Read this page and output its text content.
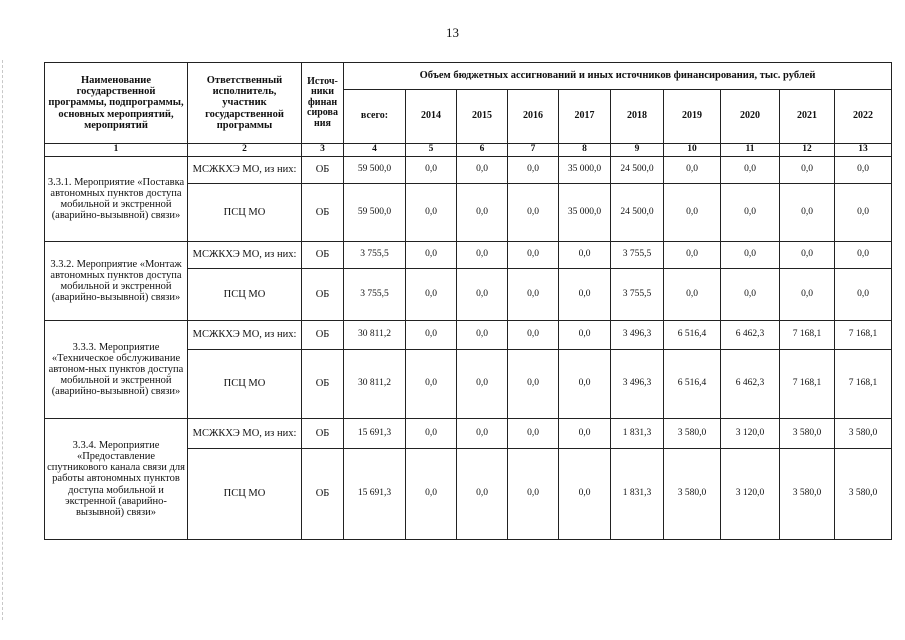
13
Наименование государственной программы, подпрограммы, основных мероприятий, мероприятий	Ответственный исполнитель, участник государственной программы	Источ-ники финан сирова ния	Объем бюджетных ассигнований и иных источников финансирования, тыс. рублей									
			всего:	2014	2015	2016	2017	2018	2019	2020	2021	2022
1	2	3	4	5	6	7	8	9	10	11	12	13
3.3.1. Мероприятие «Поставка автономных пунктов доступа мобильной и экстренной (аварийно-вызывной) связи»	МСЖКХЭ МО, из них:	ОБ	59 500,0	0,0	0,0	0,0	35 000,0	24 500,0	0,0	0,0	0,0	0,0
	ПСЦ МО	ОБ	59 500,0	0,0	0,0	0,0	35 000,0	24 500,0	0,0	0,0	0,0	0,0
3.3.2. Мероприятие «Монтаж автономных пунктов доступа мобильной и экстренной (аварийно-вызывной) связи»	МСЖКХЭ МО, из них:	ОБ	3 755,5	0,0	0,0	0,0	0,0	3 755,5	0,0	0,0	0,0	0,0
	ПСЦ МО	ОБ	3 755,5	0,0	0,0	0,0	0,0	3 755,5	0,0	0,0	0,0	0,0
3.3.3. Мероприятие «Техническое обслуживание автоном-ных пунктов доступа мобильной и экстренной (аварийно-вызывной) связи»	МСЖКХЭ МО, из них:	ОБ	30 811,2	0,0	0,0	0,0	0,0	3 496,3	6 516,4	6 462,3	7 168,1	7 168,1
	ПСЦ МО	ОБ	30 811,2	0,0	0,0	0,0	0,0	3 496,3	6 516,4	6 462,3	7 168,1	7 168,1
3.3.4. Мероприятие «Предоставление спутникового канала связи для работы автономных пунктов доступа мобильной и экстренной (аварийно-вызывной) связи»	МСЖКХЭ МО, из них:	ОБ	15 691,3	0,0	0,0	0,0	0,0	1 831,3	3 580,0	3 120,0	3 580,0	3 580,0
	ПСЦ МО	ОБ	15 691,3	0,0	0,0	0,0	0,0	1 831,3	3 580,0	3 120,0	3 580,0	3 580,0
